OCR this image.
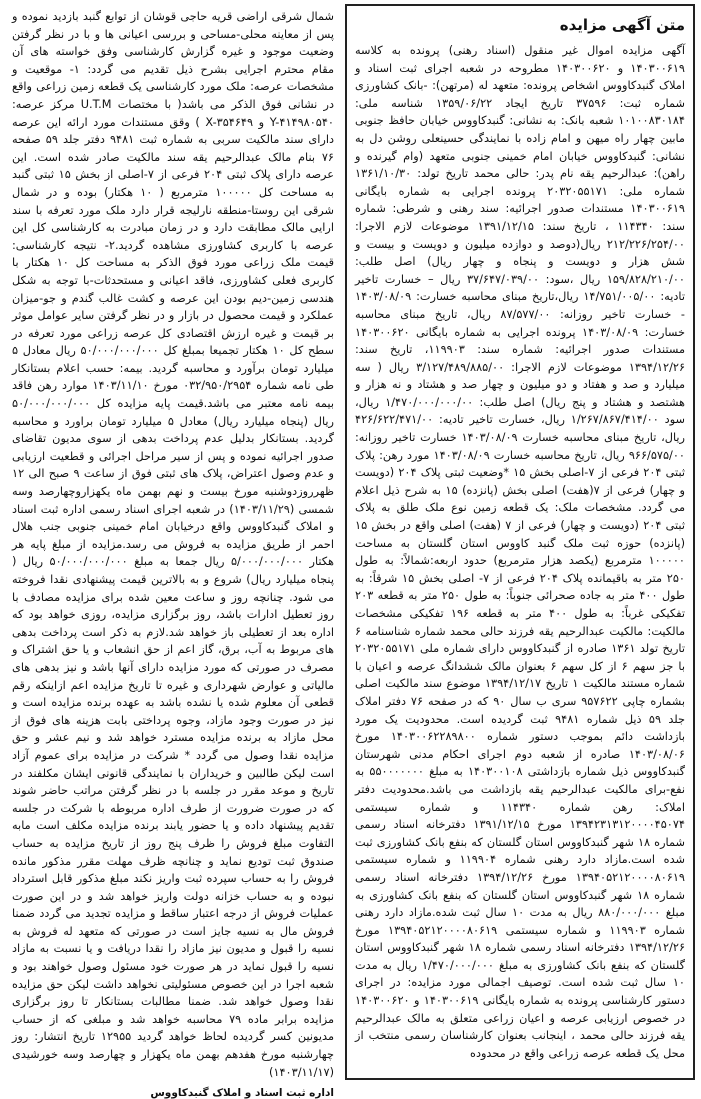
متن آگهی مزایده

آگهی مزایده اموال غیر منقول (اسناد رهنی) پرونده به کلاسه ۱۴۰۳۰۰۶۱۹ و ۱۴۰۳۰۰۶۲۰ مطروحه در شعبه اجرای ثبت اسناد و املاک گنبدکاووس اشخاص پرونده: متعهد له (مرتهن): -بانک کشاورزی شماره ثبت: ۳۷۵۹۶ تاریخ ایجاد ۱۳۵۹/۰۶/۲۲ شناسه ملی: ۱۰۱۰۰۸۳۰۱۸۴ شعبه بانک: به نشانی: گنبدکاووس خیابان حافظ جنوبی مابین چهار راه میهن و امام زاده با نمایندگی حسینعلی روشن دل به نشانی: گنبدکاووس خیابان امام خمینی جنوبی متعهد (وام گیرنده و راهن): عبدالرحیم یقه نام پدر: حالی محمد تاریخ تولد: ۱۳۶۱/۱۰/۳۰ شماره ملی: ۲۰۳۲۰۵۵۱۷۱ پرونده اجرایی به شماره بایگانی ۱۴۰۳۰۰۶۱۹ مستندات صدور اجرائیه: سند رهنی و شرطی: شماره سند: ۱۱۴۳۴۰ ، تاریخ سند: ۱۳۹۱/۱۲/۱۵ موضوعات لازم الاجرا: ۲۱۲/۲۲۶/۲۵۴/۰۰ ریال(دوصد و دوازده میلیون و دویست و بیست و شش هزار و دویست و پنجاه و چهار ریال) اصل طلب: ۱۵۹/۸۲۸/۲۱۰/۰۰ ریال ،سود: ۳۷/۶۴۷/۰۳۹/۰۰ ریال – خسارت تاخیر تادیه: ۱۴/۷۵۱/۰۰۵/۰۰ ریال،تاریخ مبنای محاسبه خسارت: ۱۴۰۳/۰۸/۰۹ - خسارت تاخیر روزانه: ۸۷/۵۷۷/۰۰ ریال، تاریخ مبنای محاسبه خسارت: ۱۴۰۳/۰۸/۰۹ پرونده اجرایی به شماره بایگانی ۱۴۰۳۰۰۶۲۰ مستندات صدور اجرائیه: شماره سند: ۱۱۹۹۰۳، تاریخ سند: ۱۳۹۴/۱۲/۲۶ موضوعات لازم الاجرا: ۳/۱۲۷/۴۸۹/۸۸۵/۰۰ ریال ( سه میلیارد و صد و هفتاد و دو میلیون و چهار صد و هشتاد و نه هزار و هشتصد و هشتاد و پنج ریال) اصل طلب: ۱/۴۷۰/۰۰۰/۰۰۰/۰۰ ریال، سود ۱/۲۶۷/۸۶۷/۴۱۴/۰۰ ریال، خسارت تاخیر تادیه: ۴۲۶/۶۲۲/۴۷۱/۰۰ ریال، تاریخ مبنای محاسبه خسارت ۱۴۰۳/۰۸/۰۹ خسارت تاخیر روزانه: ۹۶۶/۵۷۵/۰۰ ریال، تاریخ محاسبه خسارت ۱۴۰۳/۰۸/۰۹ مورد رهن: پلاک ثبتی ۲۰۴ فرعی از ۷-اصلی بخش ۱۵ *وضعیت ثبتی پلاک ۲۰۴ (دویست و چهار) فرعی از ۷(هفت) اصلی بخش (پانزده) ۱۵ به شرح ذیل اعلام می گردد. مشخصات ملک: یک قطعه زمین نوع ملک طلق به پلاک ثبتی ۲۰۴ (دویست و چهار) فرعی از ۷ (هفت) اصلی واقع در بخش ۱۵ (پانزده) حوزه ثبت ملک گنبد کاووس استان گلستان به مساحت ۱۰۰۰۰۰ مترمربع (یکصد هزار مترمربع) حدود اربعه:شمالاً: به طول ۲۵۰ متر به باقیمانده پلاک ۲۰۴ فرعی از ۷- اصلی بخش ۱۵ شرقاً: به طول ۴۰۰ متر به جاده صحرائی جنوباً: به طول ۲۵۰ متر به قطعه ۲۰۳ تفکیکی غرباً: به طول ۴۰۰ متر به قطعه ۱۹۶ تفکیکی مشخصات مالکیت: مالکیت عبدالرحیم یقه فرزند حالی محمد شماره شناسنامه ۶ تاریخ تولد ۱۳۶۱ صادره از گنبدکاووس دارای شماره ملی ۲۰۳۲۰۵۵۱۷۱ با جز سهم ۶ از کل سهم ۶ بعنوان مالک ششدانگ عرصه و اعیان با شماره مستند مالکیت ۱ تاریخ ۱۳۹۴/۱۲/۱۷ موضوع سند مالکیت اصلی بشماره چاپی ۹۵۷۶۲۲ سری ب سال ۹۰ که در صفحه ۷۶ دفتر املاک جلد ۵۹ ذیل شماره ۹۴۸۱ ثبت گردیده است. محدودیت یک مورد بازداشت دائم بموجب دستور شماره ۱۴۰۳۰۰۶۲۲۸۹۸۰۰ مورخ ۱۴۰۳/۰۸/۰۶ صادره از شعبه دوم اجرای احکام مدنی شهرستان گنبدکاووس ذیل شماره بازداشتی ۱۴۰۳۰۰۱۰۸ به مبلغ ۵۵۰۰۰۰۰۰۰ به نفع-برای مالکیت عبدالرحیم یقه بازداشت می باشد.محدودیت دفتر املاک: رهن شماره ۱۱۴۳۴۰ و شماره سیستمی ۱۳۹۴۲۳۱۳۱۲۰۰۰۰۴۵۰۷۴ مورخ ۱۳۹۱/۱۲/۱۵ دفترخانه اسناد رسمی شماره ۱۸ شهر گنبدکاووس استان گلستان که بنفع بانک کشاورزی ثبت شده است.مازاد دارد رهنی شماره ۱۱۹۹۰۴ و شماره سیستمی ۱۳۹۴۰۵۲۱۲۰۰۰۰۸۰۶۱۹ مورخ ۱۳۹۴/۱۲/۲۶ دفترخانه اسناد رسمی شماره ۱۸ شهر گنبدکاووس استان گلستان که بنفع بانک کشاورزی به مبلغ ۸۸۰/۰۰۰/۰۰۰ ریال به مدت ۱۰ سال ثبت شده.مازاد دارد رهنی شماره ۱۱۹۹۰۳ و شماره سیستمی ۱۳۹۴۰۵۲۱۲۰۰۰۰۸۰۶۱۹ مورخ ۱۳۹۴/۱۲/۲۶ دفترخانه اسناد رسمی شماره ۱۸ شهر گنبدکاووس استان گلستان که بنفع بانک کشاورزی به مبلغ ۱/۴۷۰/۰۰۰/۰۰۰ ریال به مدت ۱۰ سال ثبت شده است. توصیف اجمالی مورد مزایده: در اجرای دستور کارشناسی پرونده به شماره بایگانی ۱۴۰۳۰۰۶۱۹ و ۱۴۰۳۰۰۶۲۰ در خصوص ارزیابی عرصه و اعیان زراعی متعلق به مالک عبدالرحیم یقه فرزند حالی محمد ، اینجانب بعنوان کارشناسان رسمی منتخب از محل یک قطعه عرصه زراعی واقع در محدوده

شمال شرقی اراضی قریه حاجی قوشان از توابع گنبد بازدید نموده و پس از معاینه محلی-مساحی و بررسی اعیانی ها و با در نظر گرفتن وضعیت موجود و غیره گزارش کارشناسی وفق خواسته های آن مقام محترم اجرایی بشرح ذیل تقدیم می گردد: ۱- موقعیت و مشخصات عرصه: ملک مورد کارشناسی یک قطعه زمین زراعی واقع در نشانی فوق الذکر می باشد( با مختصات U.T.M مرکز عرصه: Y-۴۱۴۹۸۰۵۴۰ و X-۳۵۴۶۴۹ ) وقق مستندات مورد ارائه این عرصه دارای سند مالکیت سربی به شماره ثبت ۹۴۸۱ دفتر جلد ۵۹ صفحه ۷۶ بنام مالک عبدالرحیم یقه سند مالکیت صادر شده است. این عرصه دارای پلاک ثبتی ۲۰۴ فرعی از ۷-اصلی از بخش ۱۵ ثبتی گنبد به مساحت کل ۱۰۰۰۰۰ مترمربع ( ۱۰ هکتار) بوده و در شمال شرقی این روستا-منطقه نارلیجه قرار دارد ملک مورد تعرفه با سند ارایی مالک مطابقت دارد و در زمان مبادرت به کارشناسی کل این عرصه با کاربری کشاورزی مشاهده گردید.۲- نتیجه کارشناسی: قیمت ملک زراعی مورد فوق الذکر به مساحت کل ۱۰ هکتار با کاربری فعلی کشاورزی، فاقد اعیانی و مستحدثات-با توجه به شکل هندسی زمین-دیم بودن این عرصه و کشت غالب گندم و جو-میزان عملکرد و قیمت محصول در بازار و در نظر گرفتن سایر عوامل موثر بر قیمت و غیره ارزش اقتصادی کل عرصه زراعی مورد تعرفه در سطح کل ۱۰ هکتار تجمیعا بمبلغ کل ۵۰/۰۰۰/۰۰۰/۰۰۰ ریال معادل ۵ میلیارد تومان برآورد و محاسبه گردید. بیمه: حسب اعلام بستانکار طی نامه شماره ۰۳۲/۹۵۰/۲۹۵۴ مورخ ۱۴۰۳/۱۱/۱۰ موارد رهن فاقد بیمه نامه معتبر می باشد.قیمت پایه مزایده کل ۵۰/۰۰۰/۰۰۰/۰۰۰ ریال (پنجاه میلیارد ریال) معادل ۵ میلیارد تومان براورد و محاسبه گردید. بستانکار بدلیل عدم پرداخت بدهی از سوی مدیون تقاضای صدور اجرائیه نموده و پس از سیر مراحل اجرائی و قطعیت ارزیابی و عدم وصول اعتراض، پلاک های ثبتی فوق از ساعت ۹ صبح الی ۱۲ ظهرروزدوشنبه مورخ بیست و نهم بهمن ماه یکهزاروچهارصد وسه شمسی (۱۴۰۳/۱۱/۲۹) در شعبه اجرای اسناد رسمی اداره ثبت اسناد و املاک گنبدکاووس واقع درخیابان امام خمینی جنوبی جنب هلال احمر از طریق مزایده به فروش می رسد.مزایده از مبلغ پایه هر هکتار ۵/۰۰۰/۰۰۰/۰۰۰ ریال جمعا به مبلغ ۵۰/۰۰۰/۰۰۰/۰۰۰ ریال ( پنجاه میلیارد ریال) شروع و به بالاترین قیمت پیشنهادی نقدا فروخته می شود. چنانچه روز و ساعت معین شده برای مزایده مصادف با روز تعطیل ادارات باشد، روز برگزاری مزایده، روزی خواهد بود که اداره بعد از تعطیلی باز خواهد شد.لازم به ذکر است پرداخت بدهی های مربوط به آب، برق، گاز اعم از حق انشعاب و یا حق اشتراک و مصرف در صورتی که مورد مزایده دارای آنها باشد و نیز بدهی های مالیاتی و عوارض شهرداری و غیره تا تاریخ مزایده اعم ازاینکه رقم قطعی آن معلوم شده یا نشده باشد به عهده برنده مزایده است و نیز در صورت وجود مازاد، وجوه پرداختی بابت هزینه های فوق از محل مازاد به برنده مزایده مسترد خواهد شد و نیم عشر و حق مزایده نقدا وصول می گردد * شرکت در مزایده برای عموم آزاد است لیکن طالبین و خریداران با نمایندگی قانونی ایشان مکلفند در تاریخ و موعد مقرر در جلسه با در نظر گرفتن مراتب حاضر شوند که در صورت ضرورت از طرف اداره مربوطه با شرکت در جلسه تقدیم پیشنهاد داده و یا حضور یابند برنده مزایده مکلف است مابه التفاوت مبلغ فروش را ظرف پنج روز از تاریخ مزایده به حساب صندوق ثبت تودیع نماید و چنانچه ظرف مهلت مقرر مذکور مانده فروش را به حساب سپرده ثبت واریز نکند مبلغ مذکور قابل استرداد نبوده و به حساب خزانه دولت واریز خواهد شد و در این صورت عملیات فروش از درجه اعتبار ساقط و مزایده تجدید می گردد ضمنا فروش مال به نسیه جایز است در صورتی که متعهد له فروش به نسیه را قبول و مدیون نیز مازاد را نقدا دریافت و یا نسبت به مازاد نسیه را قبول نماید در هر صورت خود مسئول وصول خواهند بود و شعبه اجرا در این خصوص مسئولیتی نخواهد داشت لیکن حق مزایده نقدا وصول خواهد شد. ضمنا مطالبات بستانکار تا روز برگزاری مزایده برابر ماده ۷۹ محاسبه خواهد شد و مبلغی که از حساب مدیونین کسر گردیده لحاظ خواهد گردید ۱۲۹۵۵ تاریخ انتشار: روز چهارشنبه مورخ هفدهم بهمن ماه یکهزار و چهارصد وسه خورشیدی (۱۴۰۳/۱۱/۱۷)

اداره ثبت اسناد و املاک گنبدکاووس
